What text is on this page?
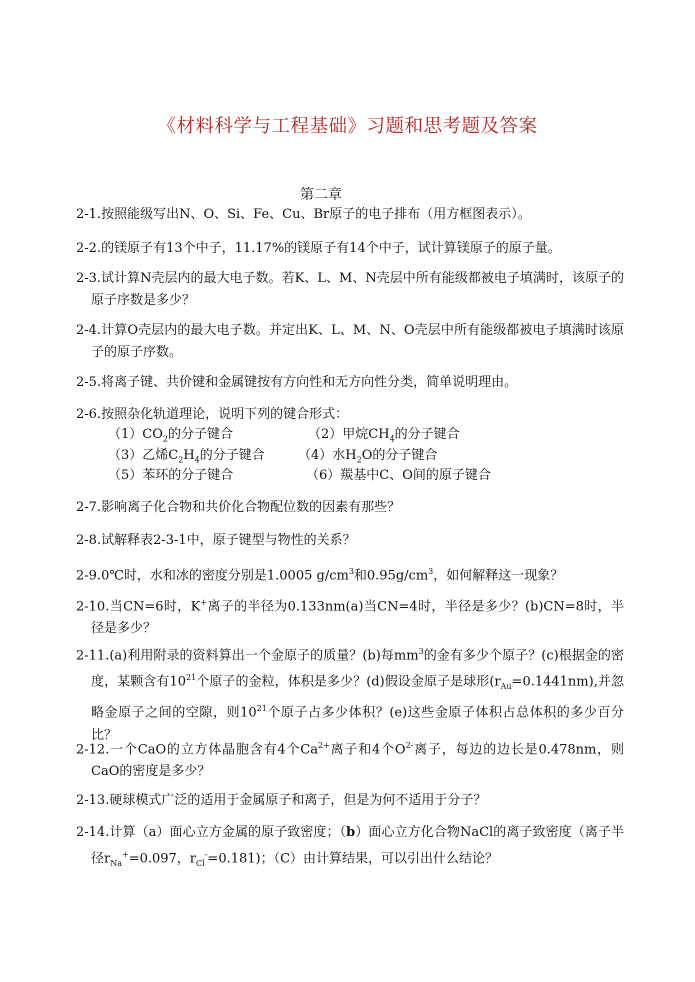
《材料科学与工程基础》习题和思考题及答案
第二章
2-1.按照能级写出N、O、Si、Fe、Cu、Br原子的电子排布（用方框图表示）。
2-2.的镁原子有13个中子，11.17%的镁原子有14个中子，试计算镁原子的原子量。
2-3.试计算N壳层内的最大电子数。若K、L、M、N壳层中所有能级都被电子填满时，该原子的原子序数是多少？
2-4.计算O壳层内的最大电子数。并定出K、L、M、N、O壳层中所有能级都被电子填满时该原子的原子序数。
2-5.将离子键、共价键和金属键按有方向性和无方向性分类，简单说明理由。
2-6.按照杂化轨道理论，说明下列的键合形式：
$(1)CO_2$的分子键合	（2）甲烷$CH_4$的分子键合
（3）乙烯$C_2H_4$的分子键合	（4）水$H_2O$的分子键合
（5）苯环的分子键合	（6）羰基中C、O间的原子键合
2-7.影响离子化合物和共价化合物配位数的因素有那些？
2-8.试解释表2-3-1中，原子键型与物性的关系？
2-9.0℃时，水和冰的密度分别是1.0005 $g/cm^3$和$0.95g/cm^3$，如何解释这一现象？
2-10.当CN=6时，K+离子的半径为0.133nm(a)当CN=4时，半径是多少？(b)CN=8时，半径是多少？
2-11.(a)利用附录的资料算出一个金原子的质量？(b)每$mm^3$的金有多少个原子？(c)根据金的密度，某颗含有$10^{21}$个原子的金粒，体积是多少？(d)假设金原子是球形$(r_{Au}=0.1441nm)$,并忽略金原子之间的空隙，则$10^{21}$个原子占多少体积？(e)这些金原子体积占总体积的多少百分比？
2-12.一个CaO的立方体晶胞含有4个$Ca^{2+}$离子和4个$O^{2-}$离子，每边的边长是0.478nm，则CaO的密度是多少？
2-13.硬球模式广泛的适用于金属原子和离子，但是为何不适用于分子？
2-14.计算（a）面心立方金属的原子致密度；（b）面心立方化合物NaCl的离子致密度（离子半径$r_{Na}^+=0.097$，$r_{Cl}^-=0.181$)；（C）由计算结果，可以引出什么结论？
